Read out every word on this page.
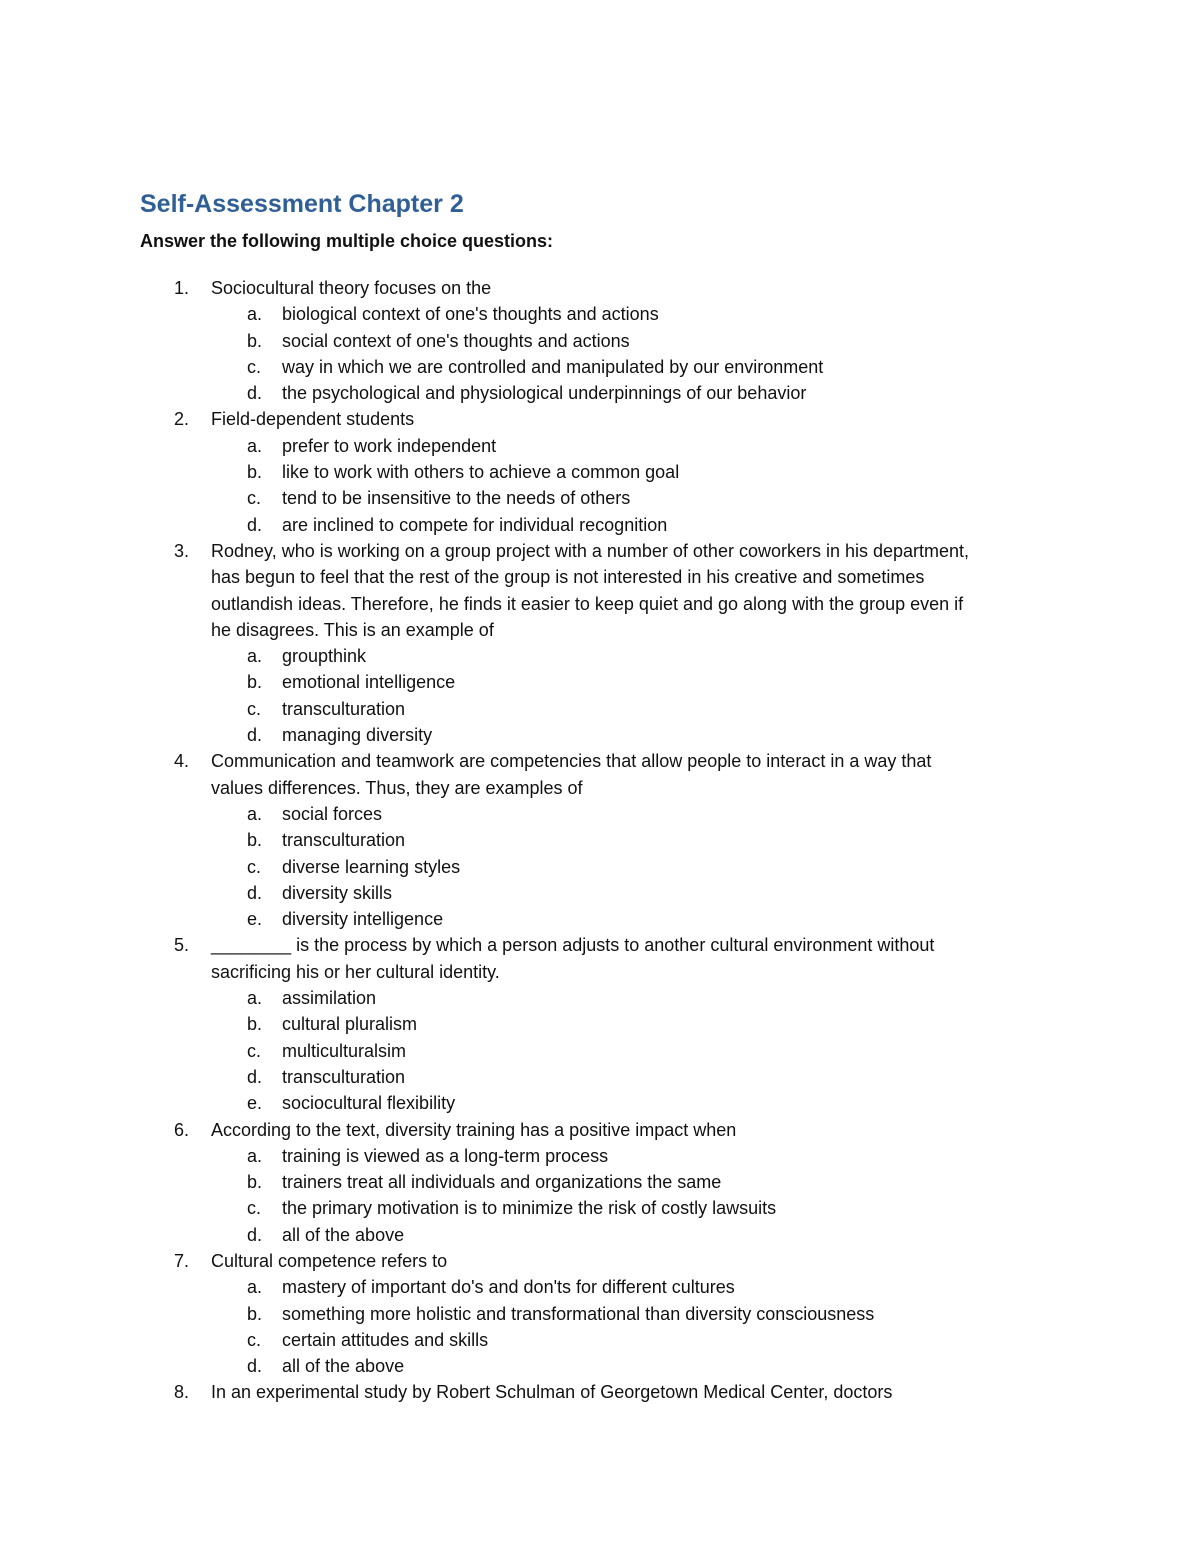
Self-Assessment Chapter 2
Answer the following multiple choice questions:
1. Sociocultural theory focuses on the
a. biological context of one's thoughts and actions
b. social context of one's thoughts and actions
c. way in which we are controlled and manipulated by our environment
d. the psychological and physiological underpinnings of our behavior
2. Field-dependent students
a. prefer to work independent
b. like to work with others to achieve a common goal
c. tend to be insensitive to the needs of others
d. are inclined to compete for individual recognition
3. Rodney, who is working on a group project with a number of other coworkers in his department,
has begun to feel that the rest of the group is not interested in his creative and sometimes
outlandish ideas. Therefore, he finds it easier to keep quiet and go along with the group even if
he disagrees. This is an example of
a. groupthink
b. emotional intelligence
c. transculturation
d. managing diversity
4. Communication and teamwork are competencies that allow people to interact in a way that
values differences. Thus, they are examples of
a. social forces
b. transculturation
c. diverse learning styles
d. diversity skills
e. diversity intelligence
5. ________ is the process by which a person adjusts to another cultural environment without
sacrificing his or her cultural identity.
a. assimilation
b. cultural pluralism
c. multiculturalsim
d. transculturation
e. sociocultural flexibility
6. According to the text, diversity training has a positive impact when
a. training is viewed as a long-term process
b. trainers treat all individuals and organizations the same
c. the primary motivation is to minimize the risk of costly lawsuits
d. all of the above
7. Cultural competence refers to
a. mastery of important do's and don'ts for different cultures
b. something more holistic and transformational than diversity consciousness
c. certain attitudes and skills
d. all of the above
8. In an experimental study by Robert Schulman of Georgetown Medical Center, doctors
